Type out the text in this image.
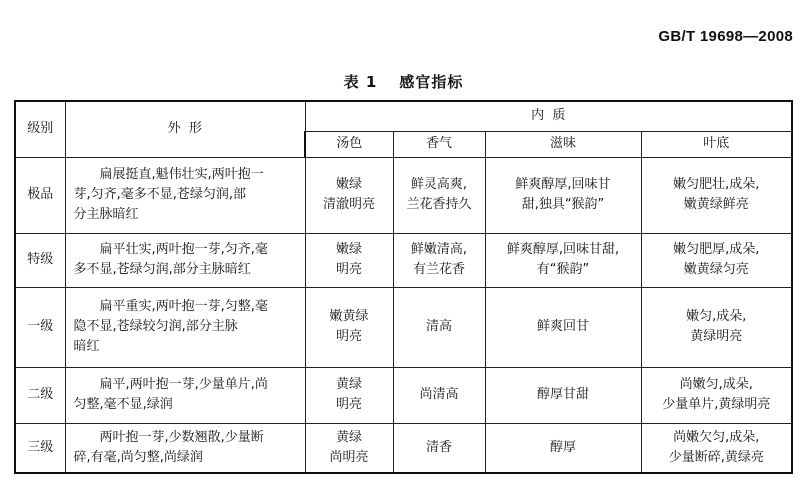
GB/T 19698—2008
表 1 感官指标
级别	外  形	内  质			
		汤色	香气	滋味	叶底
极品	扁展挺直,魁伟壮实,两叶抱一
芽,匀齐,毫多不显,苍绿匀润,部
分主脉暗红	嫩绿
清澈明亮	鲜灵高爽,
兰花香持久	鲜爽醇厚,回味甘
甜,独具“猴韵”	嫩匀肥壮,成朵,
嫩黄绿鲜亮

特级	扁平壮实,两叶抱一芽,匀齐,毫
多不显,苍绿匀润,部分主脉暗红	嫩绿
明亮	鲜嫩清高,
有兰花香	鲜爽醇厚,回味甘甜,
有“猴韵”	嫩匀肥厚,成朵,
嫩黄绿匀亮

一级	扁平重实,两叶抱一芽,匀整,毫
隐不显,苍绿较匀润,部分主脉
暗红	嫩黄绿
明亮	清高	鲜爽回甘	嫩匀,成朵,
黄绿明亮

二级	扁平,两叶抱一芽,少量单片,尚
匀整,毫不显,绿润	黄绿
明亮	尚清高	醇厚甘甜	尚嫩匀,成朵,
少量单片,黄绿明亮

三级	两叶抱一芽,少数翘散,少量断
碎,有毫,尚匀整,尚绿润	黄绿
尚明亮	清香	醇厚	尚嫩欠匀,成朵,
少量断碎,黄绿亮
